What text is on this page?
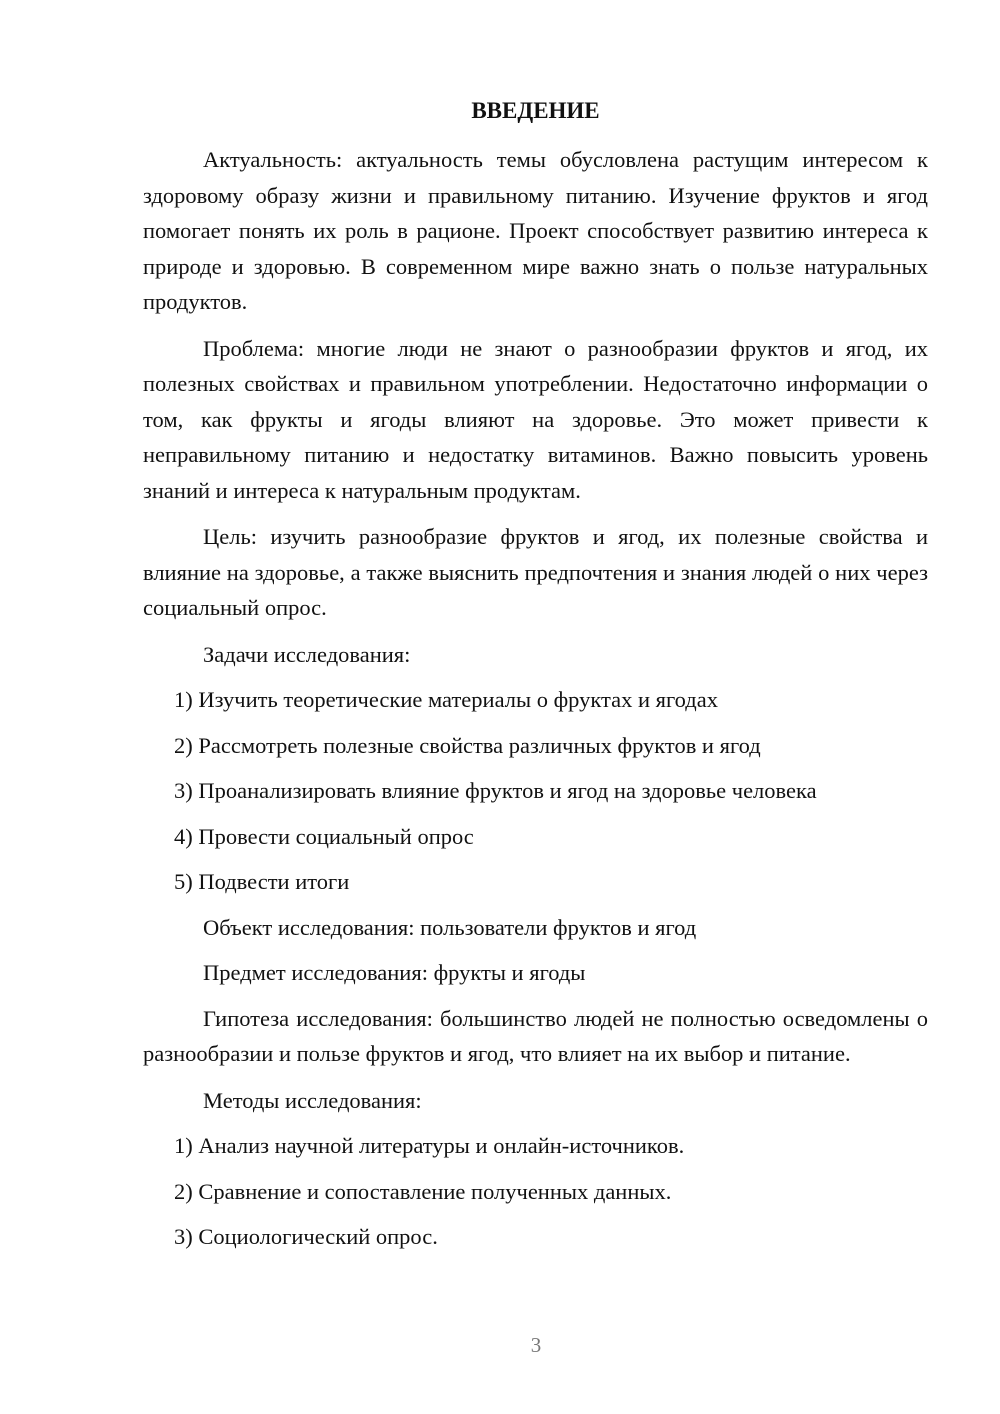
ВВЕДЕНИЕ

Актуальность: актуальность темы обусловлена растущим интересом к здоровому образу жизни и правильному питанию. Изучение фруктов и ягод помогает понять их роль в рационе. Проект способствует развитию интереса к природе и здоровью. В современном мире важно знать о пользе натуральных продуктов.

Проблема: многие люди не знают о разнообразии фруктов и ягод, их полезных свойствах и правильном употреблении. Недостаточно информации о том, как фрукты и ягоды влияют на здоровье. Это может привести к неправильному питанию и недостатку витаминов. Важно повысить уровень знаний и интереса к натуральным продуктам.

Цель: изучить разнообразие фруктов и ягод, их полезные свойства и влияние на здоровье, а также выяснить предпочтения и знания людей о них через социальный опрос.

Задачи исследования:
1) Изучить теоретические материалы о фруктах и ягодах
2) Рассмотреть полезные свойства различных фруктов и ягод
3) Проанализировать влияние фруктов и ягод на здоровье человека
4) Провести социальный опрос
5) Подвести итоги
Объект исследования: пользователи фруктов и ягод
Предмет исследования: фрукты и ягоды

Гипотеза исследования: большинство людей не полностью осведомлены о разнообразии и пользе фруктов и ягод, что влияет на их выбор и питание.

Методы исследования:
1) Анализ научной литературы и онлайн-источников.
2) Сравнение и сопоставление полученных данных.
3) Социологический опрос.
3
